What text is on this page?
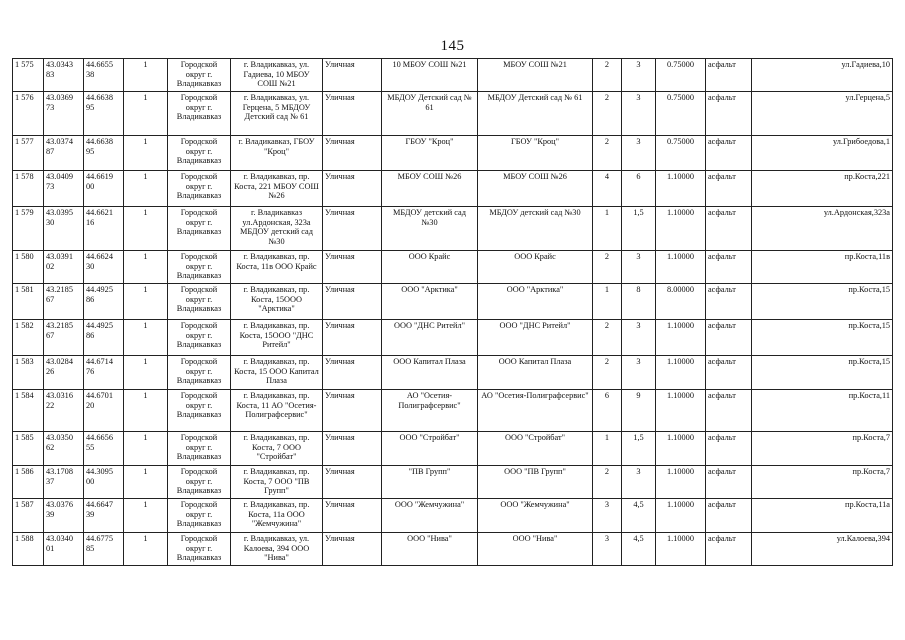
145
1 575	43.0343 83	44.6655 38	1	Городской округ г. Владикавказ	г. Владикавказ, ул. Гадиева, 10 МБОУ СОШ №21	Уличная	10 МБОУ СОШ №21	МБОУ СОШ №21	2	3	0.75000	асфальт	ул.Гадиева,10
1 576	43.0369 73	44.6638 95	1	Городской округ г. Владикавказ	г. Владикавказ, ул. Герцена, 5 МБДОУ Детский сад № 61	Уличная	МБДОУ Детский сад № 61	МБДОУ Детский сад № 61	2	3	0.75000	асфальт	ул.Герцена,5
1 577	43.0374 87	44.6638 95	1	Городской округ г. Владикавказ	г. Владикавказ, ГБОУ "Кроц"	Уличная	ГБОУ "Кроц"	ГБОУ "Кроц"	2	3	0.75000	асфальт	ул.Грибоедова,1
1 578	43.0409 73	44.6619 00	1	Городской округ г. Владикавказ	г. Владикавказ, пр. Коста, 221 МБОУ СОШ №26	Уличная	МБОУ СОШ №26	МБОУ СОШ №26	4	6	1.10000	асфальт	пр.Коста,221
1 579	43.0395 30	44.6621 16	1	Городской округ г. Владикавказ	г. Владикавказ ул.Ардонская, 323а МБДОУ детский сад №30	Уличная	МБДОУ детский сад №30	МБДОУ детский сад №30	1	1,5	1.10000	асфальт	ул.Ардонская,323а
1 580	43.0391 02	44.6624 30	1	Городской округ г. Владикавказ	г. Владикавказ, пр. Коста, 11в ООО Крайс	Уличная	ООО Крайс	ООО Крайс	2	3	1.10000	асфальт	пр.Коста,11в
1 581	43.2185 67	44.4925 86	1	Городской округ г. Владикавказ	г. Владикавказ, пр. Коста, 15ООО "Арктика"	Уличная	ООО "Арктика"	ООО "Арктика"	1	8	8.00000	асфальт	пр.Коста,15
1 582	43.2185 67	44.4925 86	1	Городской округ г. Владикавказ	г. Владикавказ, пр. Коста, 15ООО "ДНС Ритейл"	Уличная	ООО "ДНС Ритейл"	ООО "ДНС Ритейл"	2	3	1.10000	асфальт	пр.Коста,15
1 583	43.0284 26	44.6714 76	1	Городской округ г. Владикавказ	г. Владикавказ, пр. Коста, 15 ООО Капитал Плаза	Уличная	ООО Капитал Плаза	ООО Капитал Плаза	2	3	1.10000	асфальт	пр.Коста,15
1 584	43.0316 22	44.6701 20	1	Городской округ г. Владикавказ	г. Владикавказ, пр. Коста, 11 АО "Осетия-Полиграфсервис"	Уличная	АО "Осетия-Полиграфсервис"	АО "Осетия-Полиграфсервис"	6	9	1.10000	асфальт	пр.Коста,11
1 585	43.0350 62	44.6656 55	1	Городской округ г. Владикавказ	г. Владикавказ, пр. Коста, 7 ООО "Стройбат"	Уличная	ООО "Стройбат"	ООО "Стройбат"	1	1,5	1.10000	асфальт	пр.Коста,7
1 586	43.1708 37	44.3095 00	1	Городской округ г. Владикавказ	г. Владикавказ, пр. Коста, 7 ООО "ПВ Групп"	Уличная	"ПВ Групп"	ООО "ПВ Групп"	2	3	1.10000	асфальт	пр.Коста,7
1 587	43.0376 39	44.6647 39	1	Городской округ г. Владикавказ	г. Владикавказ, пр. Коста, 11а ООО "Жемчужина"	Уличная	ООО "Жемчужина"	ООО "Жемчужина"	3	4,5	1.10000	асфальт	пр.Коста,11а
1 588	43.0340 01	44.6775 85	1	Городской округ г. Владикавказ	г. Владикавказ, ул. Калоева, 394 ООО "Нива"	Уличная	ООО "Нива"	ООО "Нива"	3	4,5	1.10000	асфальт	ул.Калоева,394
